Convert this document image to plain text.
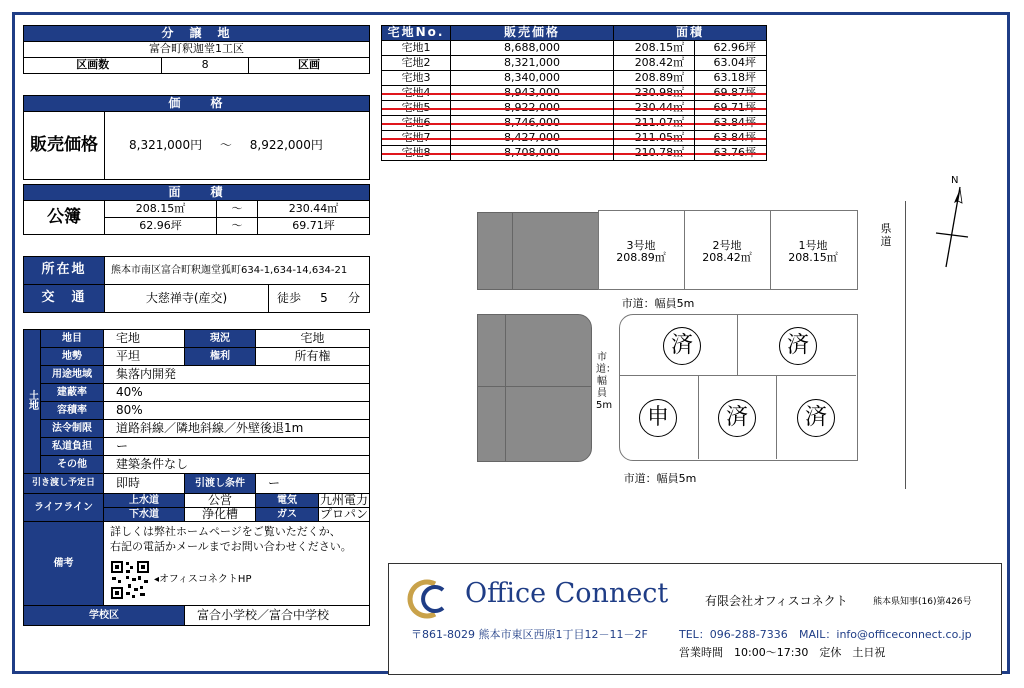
分　譲　地
富合町釈迦堂1工区
区画数	8	区画
価　　格
販売価格	8,321,000円 ～ 8,922,000円
面　　積			
公簿	208.15㎡	～	230.44㎡
	62.96坪	～	69.71坪
所在地	熊本市南区富合町釈迦堂狐町634-1,634-14,634-21			
交　通	大慈禅寺(産交)	徒歩	5	分
土地	地目	宅地	現況	宅地	
	地勢	平坦	権利	所有権	
	用途地域	集落内開発			
	建蔽率	40%			
	容積率	80%			
	法令制限	道路斜線／隣地斜線／外壁後退1m			
	私道負担	ー			
	その他	建築条件なし			
引き渡し予定日		即時	引渡し条件	ー	
ライフライン		上水道	公営	電気	九州電力
		下水道	浄化槽	ガス	プロパン
備考		詳しくは弊社ホームページをご覧いただくか、
右記の電話かメールまでお問い合わせください。
◂オフィスコネクトHP			

学校区			富合小学校／富合中学校		
宅地No.	販売価格	面積	
宅地1	8,688,000	208.15㎡	62.96坪
宅地2	8,321,000	208.42㎡	63.04坪
宅地3	8,340,000	208.89㎡	63.18坪
宅地4	8,943,000	230.98㎡	69.87坪
宅地5	8,922,000	230.44㎡	69.71坪
宅地6	8,746,000	211.07㎡	63.84坪
宅地7	8,427,000	211.05㎡	63.84坪
宅地8	8,708,000	210.78㎡	63.76坪
N
県道
3号地
208.89㎡
2号地
208.42㎡
1号地
208.15㎡
市道：幅員5m
市道：幅員5m
済	済
申	済	済
市道：幅員5m
Office Connect	有限会社オフィスコネクト	熊本県知事(16)第426号
〒861-8029 熊本市東区西原1丁目12－11－2F	TEL：096-288-7336 MAIL：info@officeconnect.co.jp
営業時間　10:00～17:30　定休　土日祝
